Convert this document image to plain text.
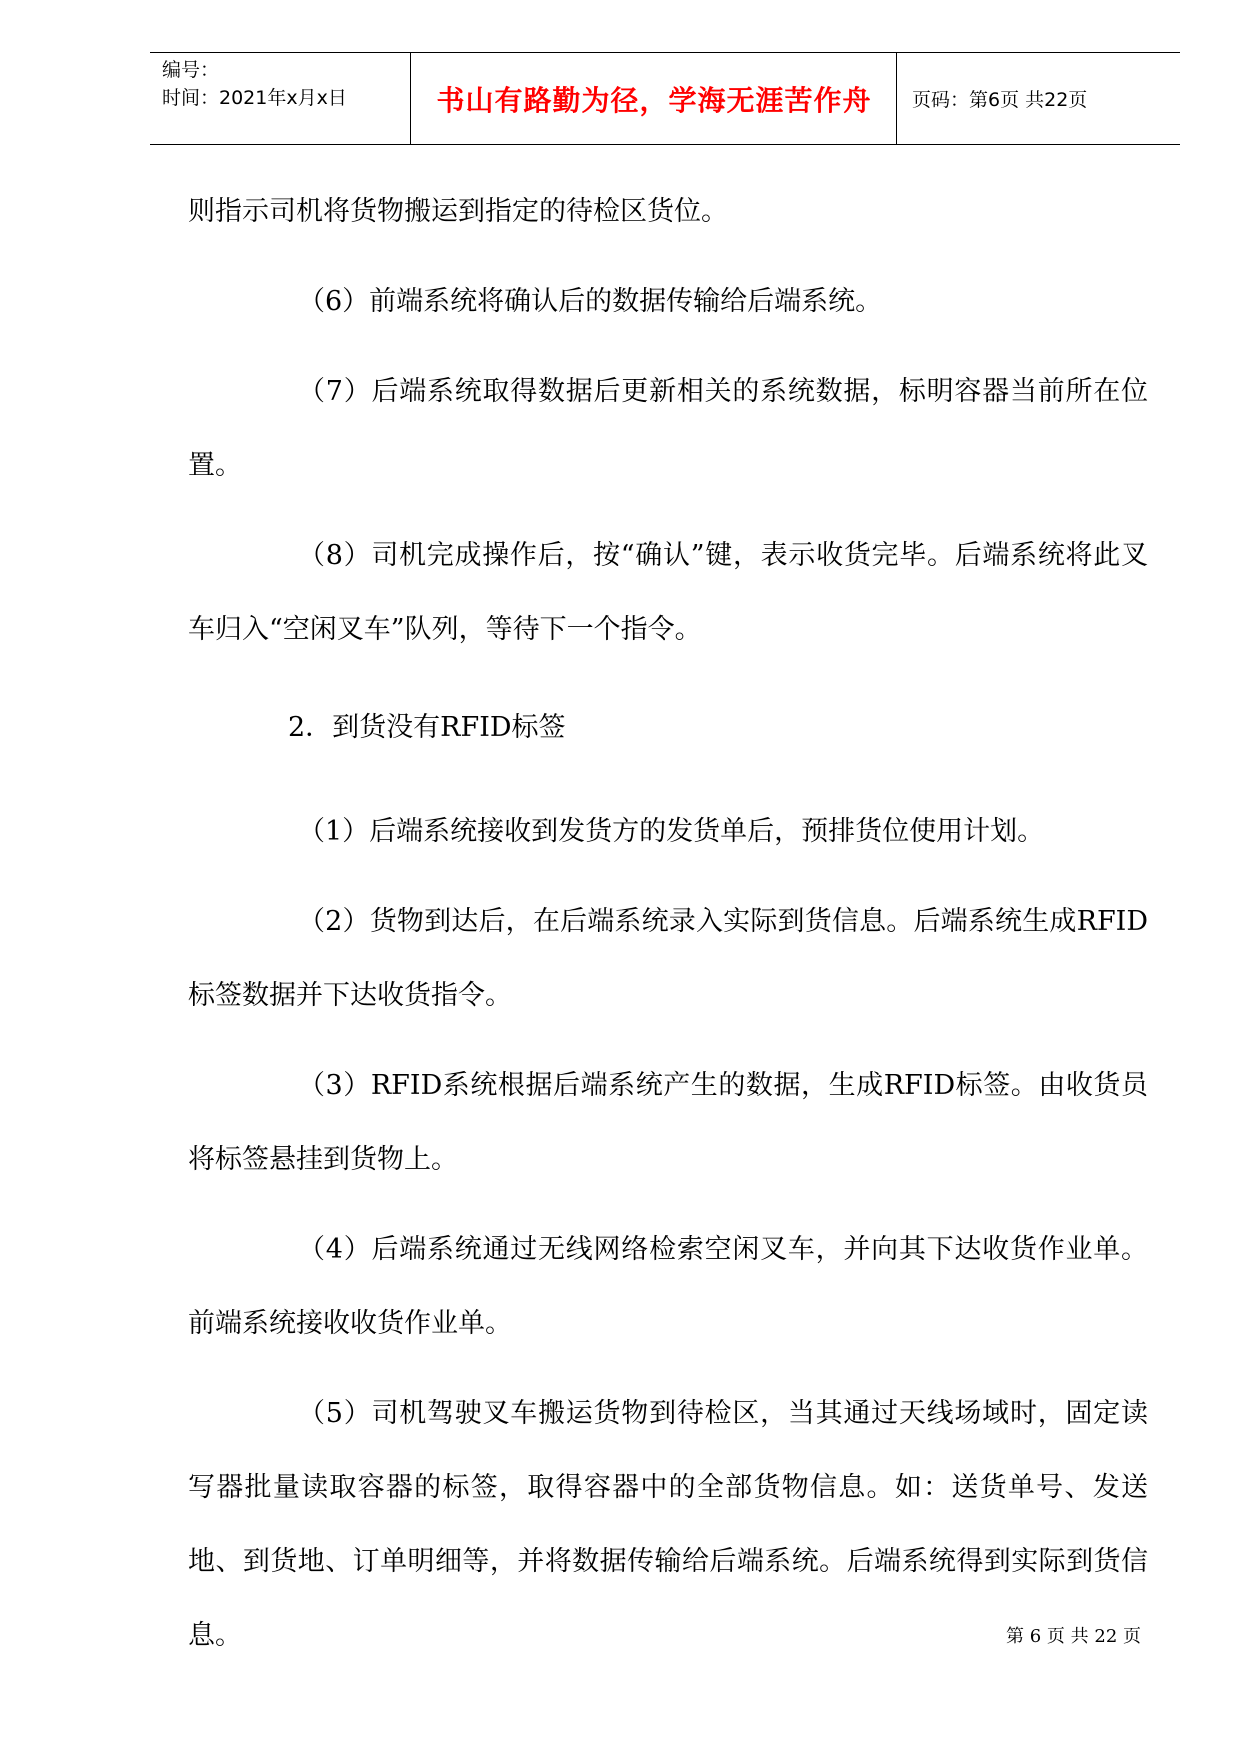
编号：
时间：2021年x月x日	书山有路勤为径，学海无涯苦作舟	页码：第6页 共22页

则指示司机将货物搬运到指定的待检区货位。

（6）前端系统将确认后的数据传输给后端系统。

（7）后端系统取得数据后更新相关的系统数据，标明容器当前所在位置。

（8）司机完成操作后，按“确认”键，表示收货完毕。后端系统将此叉车归入“空闲叉车”队列，等待下一个指令。

2．到货没有RFID标签

（1）后端系统接收到发货方的发货单后，预排货位使用计划。

（2）货物到达后，在后端系统录入实际到货信息。后端系统生成RFID标签数据并下达收货指令。

（3）RFID系统根据后端系统产生的数据，生成RFID标签。由收货员将标签悬挂到货物上。

（4）后端系统通过无线网络检索空闲叉车，并向其下达收货作业单。前端系统接收收货作业单。

（5）司机驾驶叉车搬运货物到待检区，当其通过天线场域时，固定读写器批量读取容器的标签，取得容器中的全部货物信息。如：送货单号、发送地、到货地、订单明细等，并将数据传输给后端系统。后端系统得到实际到货信息。	第 6 页 共 22 页
